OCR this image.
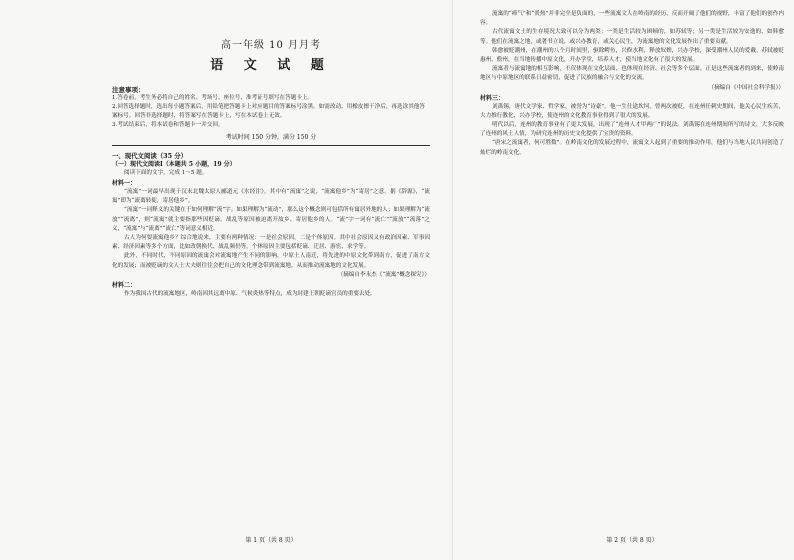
高一年级 10 月月考
语 文 试 题
注意事项：
1.答卷前，考生务必将自己的姓名、考场号、座位号、准考证号填写在答题卡上。
2.回答选择题时，选出每小题答案后，用铅笔把答题卡上对应题目的答案标号涂黑。如需改动，用橡皮擦干净后，再选涂其他答案标号。回答非选择题时，将答案写在答题卡上，写在本试卷上无效。
3.考试结束后，将本试卷和答题卡一并交回。
考试时间 150 分钟，满分 150 分
一、现代文阅读（35 分）
（一）现代文阅读Ⅰ（本题共 5 小题，19 分）
阅读下面的文字，完成 1～5 题。
材料一：
“流寓”一词最早出现于汉末北魏太原人郦道元《水经注》。其中有“流寓”之说，“流寓他乡”为“寄居”之意。据《辞源》，“流寓”即为“流离转徙，寄居他乡”。
“流寓”一词释义的关键在于如何理解“流”字。如果理解为“流动”，那么这个概念则可包括所有寓居外地的人；如果理解为“流放”“流离”，则“流寓”就主要指那些因贬谪、战乱等原因被迫离开故乡、寄居他乡的人。“流”字一词有“流亡”“流放”“流落”之义，“流寓”与“流离”“流亡”等词意义相近。
古人为何要流寓他乡？综合地说来，主要有两种情况：一是社会原因，二是个体原因。其中社会原因又有政治因素、军事因素、经济因素等多个方面，比如改朝换代、战乱频仍等。个体原因主要包括贬谪、迁居、游宦、求学等。
此外，不同时代，不同原因的流寓会对流寓地产生不同的影响。中原士人南迁，将先进的中原文化带到南方，促进了南方文化的发展；而被贬谪的文人士大夫则往往会把自己的文化理念带到流寓地，从而推动流寓地的文化发展。
（摘编自李永杰《“流寓”概念探究》）
材料二：
作为我国古代的流寓地区，岭南因其远离中原、气候炎热等特点，成为封建王朝贬谪官员的重要去处。
第 1 页（共 8 页）
流寓的“瘴气”和“炎热”并非完全是负面的，一些流寓文人在岭南的经历，反而开阔了他们的视野，丰富了他们的创作内容。
古代流寓文士的生存境况大致可以分为两类：一类是生活较为困顿的，如苏轼等；另一类是生活较为安逸的，如韩愈等。他们在流寓之地，或著书立说，或兴办教育，或关心民生，为流寓地的文化发展作出了重要贡献。
韩愈被贬潮州，在潮州的八个月时间里，驱除鳄鱼，兴修水利，释放奴婢，兴办学校，深受潮州人民的爱戴。苏轼被贬惠州、儋州，在当地传播中原文化，开办学堂，培养人才，使当地文化有了很大的发展。
流寓者与流寓地的相互影响，不仅体现在文化层面，也体现在经济、社会等多个层面。正是这些流寓者的到来，使岭南地区与中原地区的联系日益密切，促进了民族的融合与文化的交流。
（摘编自《中国社会科学报》）
材料三：
刘禹锡，唐代文学家、哲学家，被誉为“诗豪”。他一生仕途坎坷，曾两次被贬，在连州任刺史期间，他关心民生疾苦，大力推行教化，兴办学校，使连州的文化教育事业得到了很大的发展。
明代以后，连州的教育事业有了更大发展，出现了“连州人才甲两广”的说法。刘禹锡在连州期间所写的诗文，大多反映了连州的风土人情，为研究连州的历史文化提供了宝贵的资料。
“唐宋之流寓者，何可胜数”。在岭南文化的发展过程中，流寓文人起到了重要的推动作用，他们与当地人民共同创造了灿烂的岭南文化。
第 2 页（共 8 页）
